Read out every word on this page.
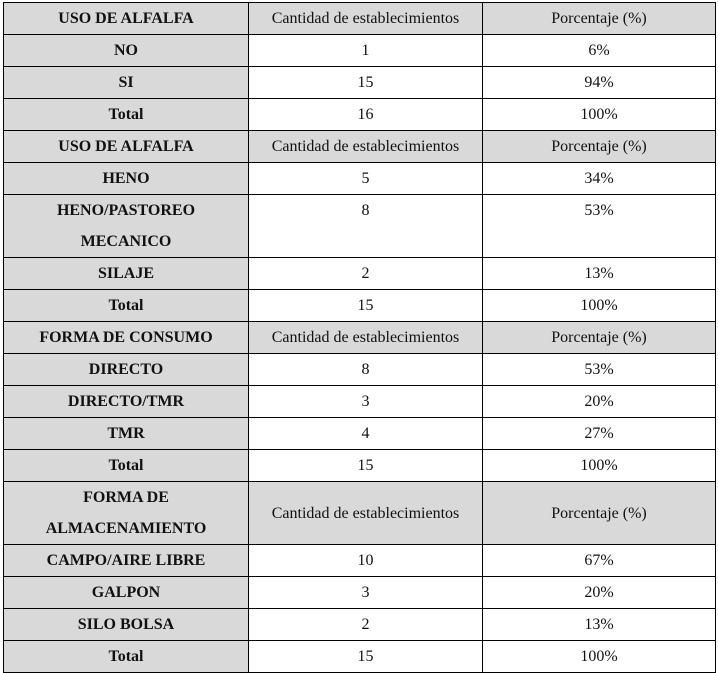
USO DE ALFALFA	Cantidad de establecimientos	Porcentaje (%)
NO	1	6%
SI	15	94%
Total	16	100%
USO DE ALFALFA	Cantidad de establecimientos	Porcentaje (%)
HENO	5	34%
HENO/PASTOREO
MECANICO	8	53%
SILAJE	2	13%
Total	15	100%
FORMA DE CONSUMO	Cantidad de establecimientos	Porcentaje (%)
DIRECTO	8	53%
DIRECTO/TMR	3	20%
TMR	4	27%
Total	15	100%
FORMA DE
ALMACENAMIENTO	Cantidad de establecimientos	Porcentaje (%)
CAMPO/AIRE LIBRE	10	67%
GALPON	3	20%
SILO BOLSA	2	13%
Total	15	100%
